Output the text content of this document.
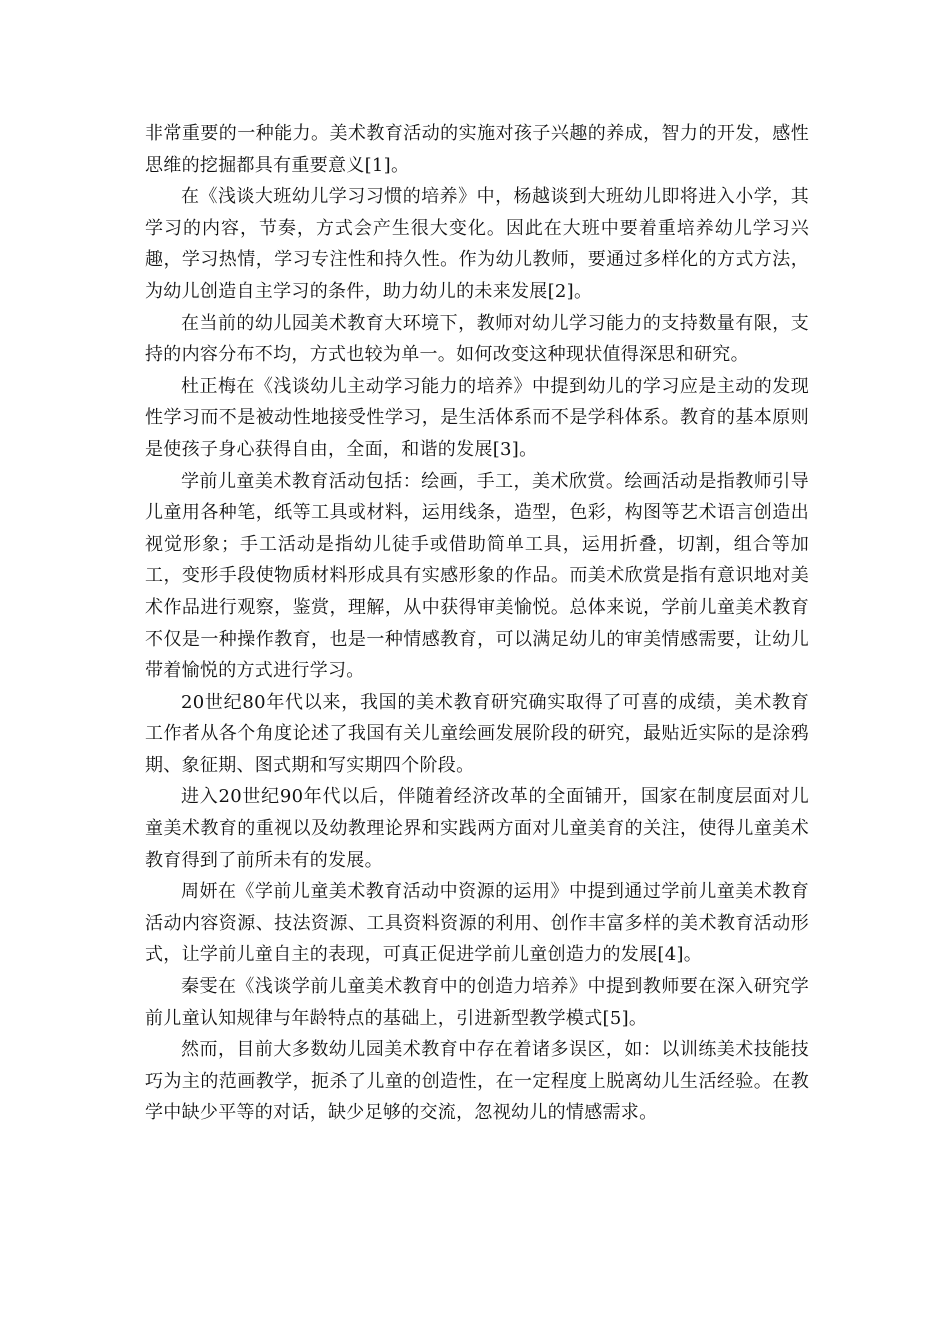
非常重要的一种能力。美术教育活动的实施对孩子兴趣的养成，智力的开发，感性思维的挖掘都具有重要意义[1]。

在《浅谈大班幼儿学习习惯的培养》中，杨越谈到大班幼儿即将进入小学，其学习的内容，节奏，方式会产生很大变化。因此在大班中要着重培养幼儿学习兴趣，学习热情，学习专注性和持久性。作为幼儿教师，要通过多样化的方式方法，为幼儿创造自主学习的条件，助力幼儿的未来发展[2]。

在当前的幼儿园美术教育大环境下，教师对幼儿学习能力的支持数量有限，支持的内容分布不均，方式也较为单一。如何改变这种现状值得深思和研究。

杜正梅在《浅谈幼儿主动学习能力的培养》中提到幼儿的学习应是主动的发现性学习而不是被动性地接受性学习，是生活体系而不是学科体系。教育的基本原则是使孩子身心获得自由，全面，和谐的发展[3]。

学前儿童美术教育活动包括：绘画，手工，美术欣赏。绘画活动是指教师引导儿童用各种笔，纸等工具或材料，运用线条，造型，色彩，构图等艺术语言创造出视觉形象；手工活动是指幼儿徒手或借助简单工具，运用折叠，切割，组合等加工，变形手段使物质材料形成具有实感形象的作品。而美术欣赏是指有意识地对美术作品进行观察，鉴赏，理解，从中获得审美愉悦。总体来说，学前儿童美术教育不仅是一种操作教育，也是一种情感教育，可以满足幼儿的审美情感需要，让幼儿带着愉悦的方式进行学习。

20世纪80年代以来，我国的美术教育研究确实取得了可喜的成绩，美术教育工作者从各个角度论述了我国有关儿童绘画发展阶段的研究，最贴近实际的是涂鸦期、象征期、图式期和写实期四个阶段。

进入20世纪90年代以后，伴随着经济改革的全面铺开，国家在制度层面对儿童美术教育的重视以及幼教理论界和实践两方面对儿童美育的关注，使得儿童美术教育得到了前所未有的发展。

周妍在《学前儿童美术教育活动中资源的运用》中提到通过学前儿童美术教育活动内容资源、技法资源、工具资料资源的利用、创作丰富多样的美术教育活动形式，让学前儿童自主的表现，可真正促进学前儿童创造力的发展[4]。

秦雯在《浅谈学前儿童美术教育中的创造力培养》中提到教师要在深入研究学前儿童认知规律与年龄特点的基础上，引进新型教学模式[5]。

然而，目前大多数幼儿园美术教育中存在着诸多误区，如：以训练美术技能技巧为主的范画教学，扼杀了儿童的创造性，在一定程度上脱离幼儿生活经验。在教学中缺少平等的对话，缺少足够的交流，忽视幼儿的情感需求。
